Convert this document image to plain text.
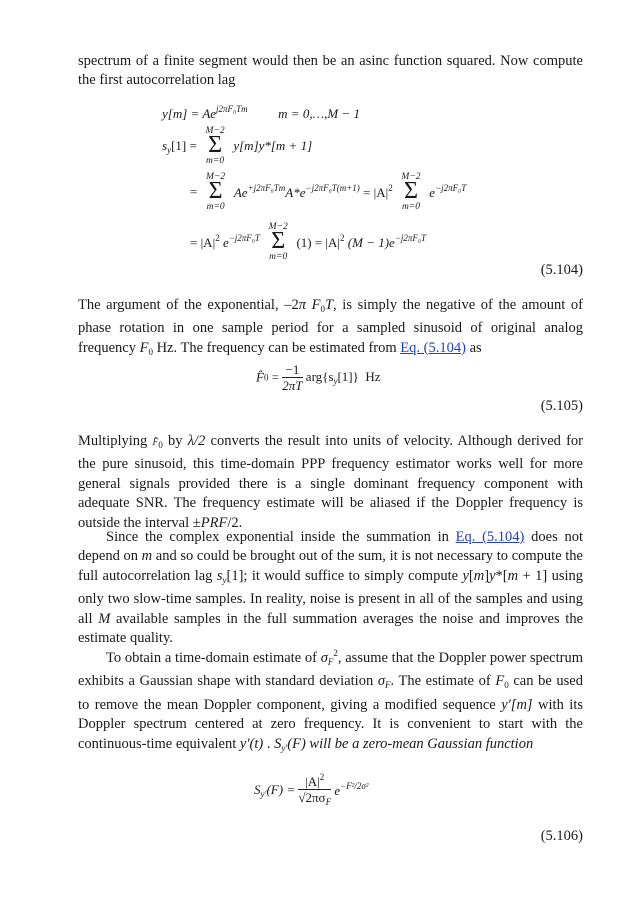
spectrum of a finite segment would then be an asinc function squared. Now compute the first autocorrelation lag
$y[m] = Ae^{j2\pi F_0Tm}$ m = 0,…,M − 1
$s_y[1]$ =
M−2
Σ
m=0
y[m]y*[m + 1]
=
M−2
Σ
m=0
$Ae^{+j2\pi F_0Tm}A*e^{-j2\pi F_0T(m+1)} = |A|^2$
M−2
Σ
m=0
$e^{-j2\pi F_0T}$
= $|A|^2$ $e^{-j2\pi F_0T}$
M−2
Σ
m=0
$(1) = |A|^2$ $(M - 1)e^{-j2\pi F_0T}$
(5.104)
The argument of the exponential, –2π $F_0T$, is simply the negative of the amount of phase rotation in one sample period for a sampled sinusoid of original analog frequency $F_0$ Hz. The frequency can be estimated from Eq. (5.104) as
F̂0 = $\frac{-1}{2\pi T} arg\{s_y[1]\}$ Hz
(5.105)
Multiplying $F̂_0$ by λ/2 converts the result into units of velocity. Although derived for the pure sinusoid, this time-domain PPP frequency estimator works well for more general signals provided there is a single dominant frequency component with adequate SNR. The frequency estimate will be aliased if the Doppler frequency is outside the interval ±PRF/2.
Since the complex exponential inside the summation in Eq. (5.104) does not depend on m and so could be brought out of the sum, it is not necessary to compute the full autocorrelation lag $s_y[1]$; it would suffice to simply compute y[m]y*[m + 1] using only two slow-time samples. In reality, noise is present in all of the samples and using all M available samples in the full summation averages the noise and improves the estimate quality.
To obtain a time-domain estimate of $\sigma_F^2$, assume that the Doppler power spectrum exhibits a Gaussian shape with standard deviation $\sigma_F$. The estimate of $F_0$ can be used to remove the mean Doppler component, giving a modified sequence y′[m] with its Doppler spectrum centered at zero frequency. It is convenient to start with the continuous-time equivalent y′(t) . $S_{y'}(F)$ will be a zero-mean Gaussian function
$S_{y'}(F) = \frac{|A|^2}{√2\pi\sigma_F} e^{-F^2/2\sigma^2}$
(5.106)
